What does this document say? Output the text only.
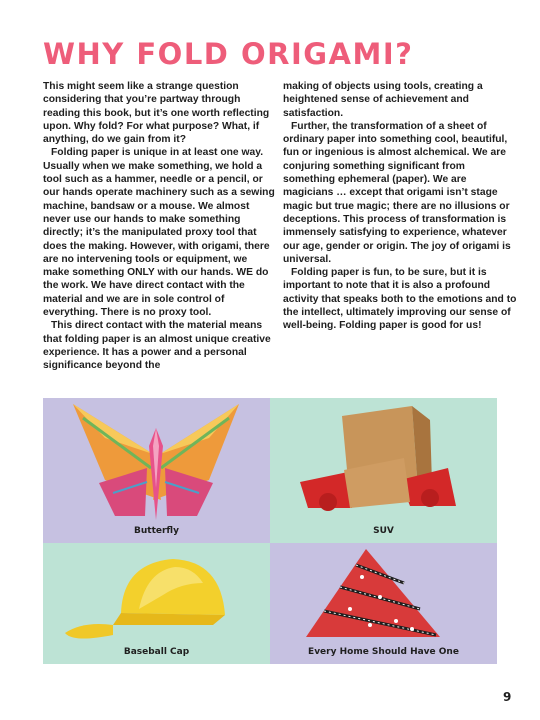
WHY FOLD ORIGAMI?

This might seem like a strange question considering that you’re partway through reading this book, but it’s one worth reflecting upon. Why fold? For what purpose? What, if anything, do we gain from it?

Folding paper is unique in at least one way. Usually when we make something, we hold a tool such as a hammer, needle or a pencil, or our hands operate machinery such as a sewing machine, bandsaw or a mouse. We almost never use our hands to make something directly; it’s the manipulated proxy tool that does the making. However, with origami, there are no intervening tools or equipment, we make something ONLY with our hands. WE do the work. We have direct contact with the material and we are in sole control of everything. There is no proxy tool.

This direct contact with the material means that folding paper is an almost unique creative experience. It has a power and a personal significance beyond the

making of objects using tools, creating a heightened sense of achievement and satisfaction.

Further, the transformation of a sheet of ordinary paper into something cool, beautiful, fun or ingenious is almost alchemical. We are conjuring something significant from something ephemeral (paper). We are magicians … except that origami isn’t stage magic but true magic; there are no illusions or deceptions. This process of transformation is immensely satisfying to experience, whatever our age, gender or origin. The joy of origami is universal.

Folding paper is fun, to be sure, but it is important to note that it is also a profound activity that speaks both to the emotions and to the intellect, ultimately improving our sense of well-being. Folding paper is good for us!

Butterfly	SUV
Baseball Cap	Every Home Should Have One
9
